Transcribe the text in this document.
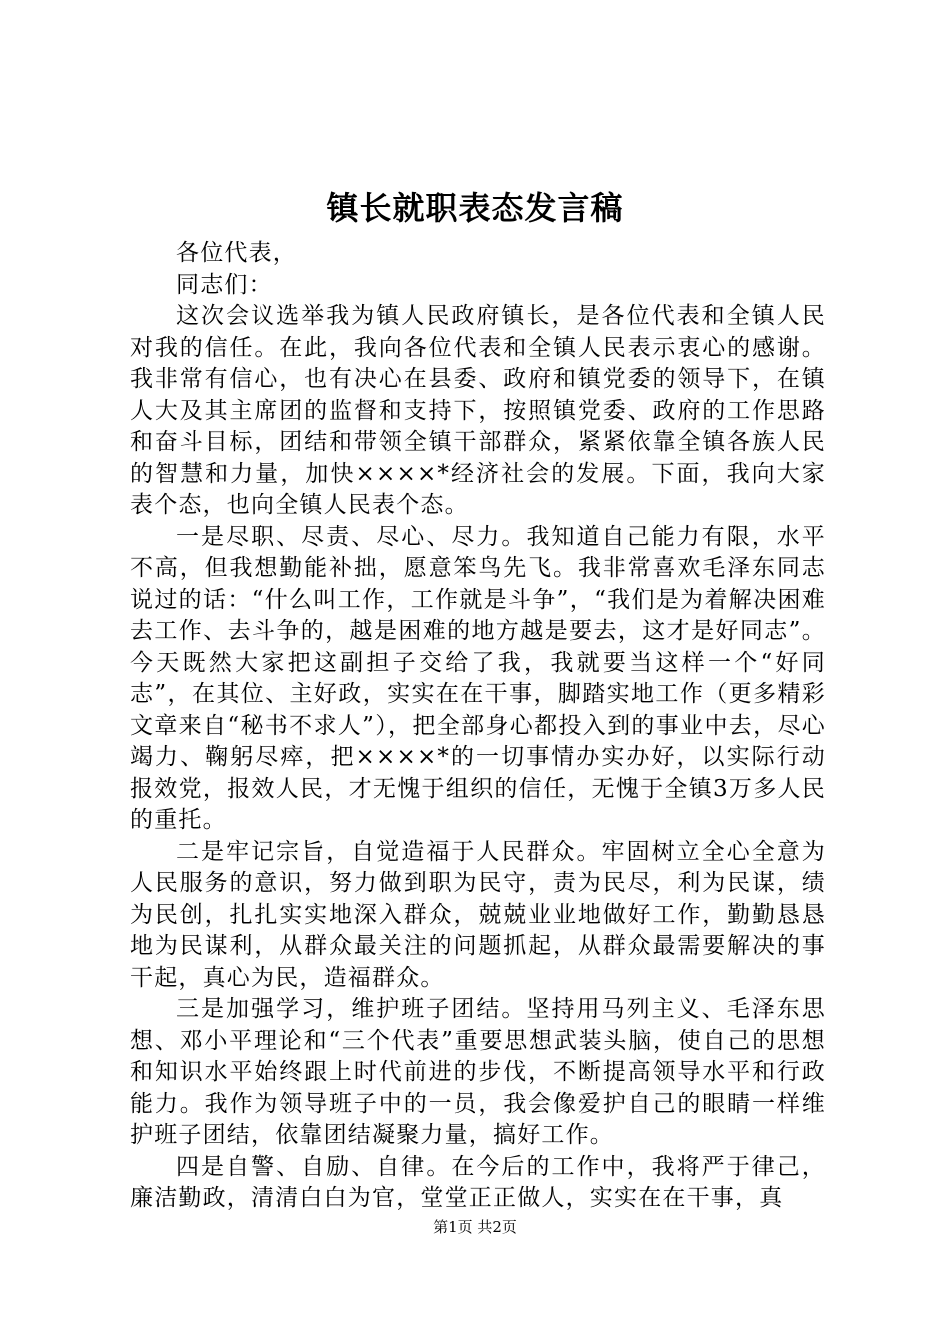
镇长就职表态发言稿

各位代表，

同志们：

这次会议选举我为镇人民政府镇长，是各位代表和全镇人民对我的信任。在此，我向各位代表和全镇人民表示衷心的感谢。我非常有信心，也有决心在县委、政府和镇党委的领导下，在镇人大及其主席团的监督和支持下，按照镇党委、政府的工作思路和奋斗目标，团结和带领全镇干部群众，紧紧依靠全镇各族人民的智慧和力量，加快××××*经济社会的发展。下面，我向大家表个态，也向全镇人民表个态。

一是尽职、尽责、尽心、尽力。我知道自己能力有限，水平不高，但我想勤能补拙，愿意笨鸟先飞。我非常喜欢毛泽东同志说过的话：“什么叫工作，工作就是斗争”，“我们是为着解决困难去工作、去斗争的，越是困难的地方越是要去，这才是好同志”。今天既然大家把这副担子交给了我，我就要当这样一个“好同志”，在其位、主好政，实实在在干事，脚踏实地工作（更多精彩文章来自“秘书不求人”），把全部身心都投入到的事业中去，尽心竭力、鞠躬尽瘁，把××××*的一切事情办实办好，以实际行动报效党，报效人民，才无愧于组织的信任，无愧于全镇3万多人民的重托。

二是牢记宗旨，自觉造福于人民群众。牢固树立全心全意为人民服务的意识，努力做到职为民守，责为民尽，利为民谋，绩为民创，扎扎实实地深入群众，兢兢业业地做好工作，勤勤恳恳地为民谋利，从群众最关注的问题抓起，从群众最需要解决的事干起，真心为民，造福群众。

三是加强学习，维护班子团结。坚持用马列主义、毛泽东思想、邓小平理论和“三个代表”重要思想武装头脑，使自己的思想和知识水平始终跟上时代前进的步伐，不断提高领导水平和行政能力。我作为领导班子中的一员，我会像爱护自己的眼睛一样维护班子团结，依靠团结凝聚力量，搞好工作。

四是自警、自励、自律。在今后的工作中，我将严于律己，廉洁勤政，清清白白为官，堂堂正正做人，实实在在干事，真

第1页 共2页
